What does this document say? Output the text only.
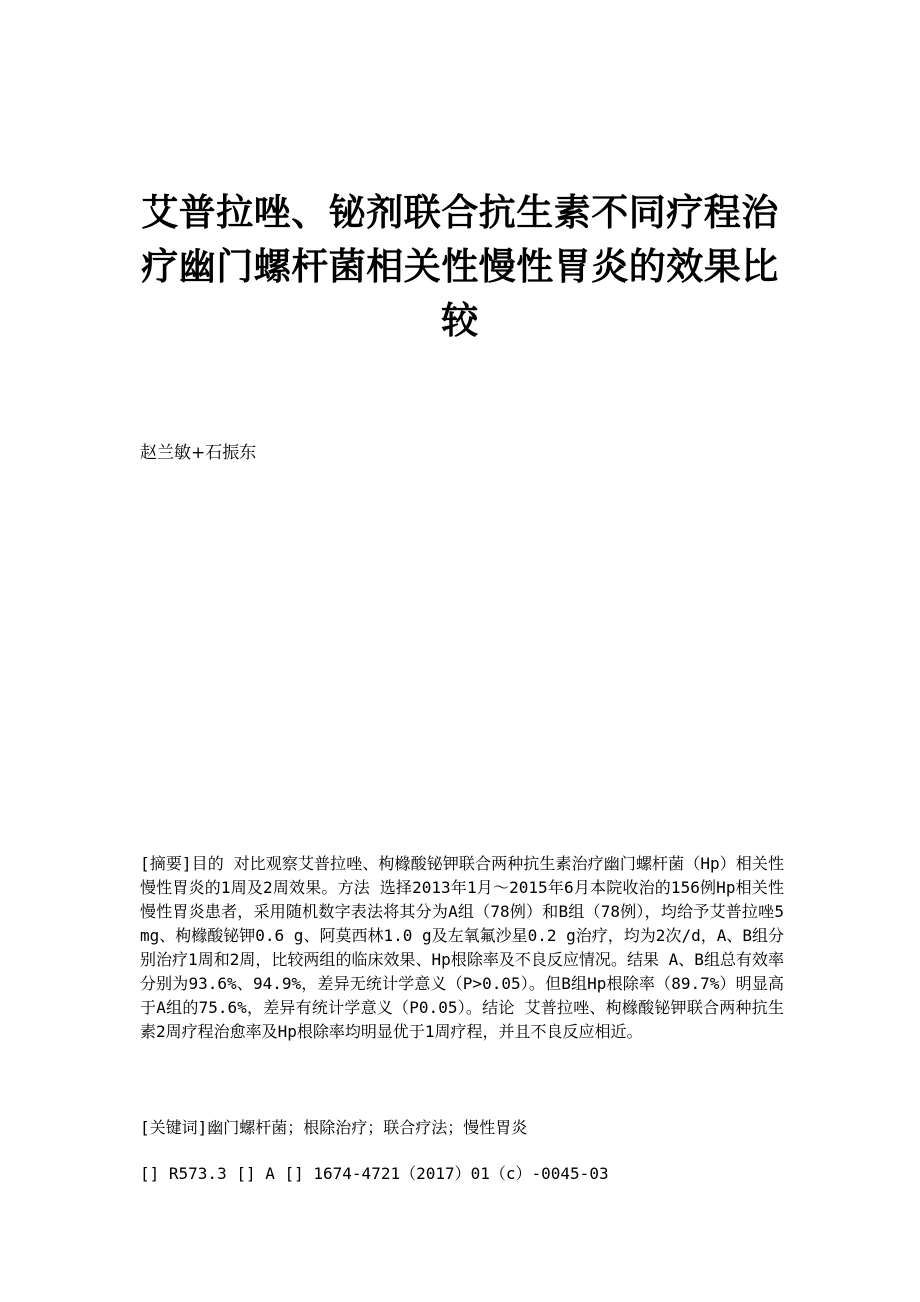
艾普拉唑、铋剂联合抗生素不同疗程治疗幽门螺杆菌相关性慢性胃炎的效果比较

赵兰敏+石振东

[摘要]目的 对比观察艾普拉唑、枸橼酸铋钾联合两种抗生素治疗幽门螺杆菌（Hp）相关性慢性胃炎的1周及2周效果。方法 选择2013年1月～2015年6月本院收治的156例Hp相关性慢性胃炎患者，采用随机数字表法将其分为A组（78例）和B组（78例），均给予艾普拉唑5 mg、枸橼酸铋钾0.6 g、阿莫西林1.0 g及左氧氟沙星0.2 g治疗，均为2次/d，A、B组分别治疗1周和2周，比较两组的临床效果、Hp根除率及不良反应情况。结果 A、B组总有效率分别为93.6%、94.9%，差异无统计学意义（P>0.05）。但B组Hp根除率（89.7%）明显高于A组的75.6%，差异有统计学意义（P0.05）。结论 艾普拉唑、枸橼酸铋钾联合两种抗生素2周疗程治愈率及Hp根除率均明显优于1周疗程，并且不良反应相近。

[关键词]幽门螺杆菌；根除治疗；联合疗法；慢性胃炎

[] R573.3 [] A [] 1674-4721（2017）01（c）-0045-03
